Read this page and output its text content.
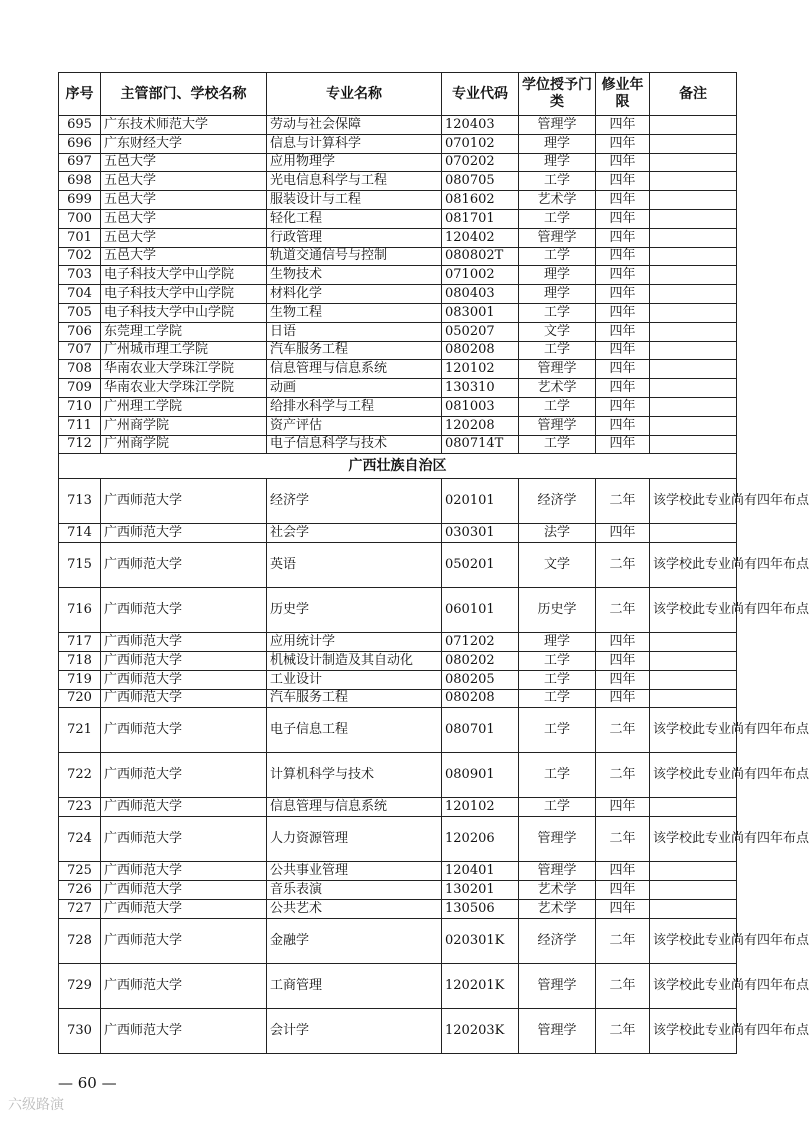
序号	主管部门、学校名称	专业名称	专业代码	学位授予门类	修业年限	备注
695	广东技术师范大学	劳动与社会保障	120403	管理学	四年	
696	广东财经大学	信息与计算科学	070102	理学	四年	
697	五邑大学	应用物理学	070202	理学	四年	
698	五邑大学	光电信息科学与工程	080705	工学	四年	
699	五邑大学	服装设计与工程	081602	艺术学	四年	
700	五邑大学	轻化工程	081701	工学	四年	
701	五邑大学	行政管理	120402	管理学	四年	
702	五邑大学	轨道交通信号与控制	080802T	工学	四年	
703	电子科技大学中山学院	生物技术	071002	理学	四年	
704	电子科技大学中山学院	材料化学	080403	理学	四年	
705	电子科技大学中山学院	生物工程	083001	工学	四年	
706	东莞理工学院	日语	050207	文学	四年	
707	广州城市理工学院	汽车服务工程	080208	工学	四年	
708	华南农业大学珠江学院	信息管理与信息系统	120102	管理学	四年	
709	华南农业大学珠江学院	动画	130310	艺术学	四年	
710	广州理工学院	给排水科学与工程	081003	工学	四年	
711	广州商学院	资产评估	120208	管理学	四年	
712	广州商学院	电子信息科学与技术	080714T	工学	四年	
广西壮族自治区						
713	广西师范大学	经济学	020101	经济学	二年	该学校此专业尚有四年布点
714	广西师范大学	社会学	030301	法学	四年	
715	广西师范大学	英语	050201	文学	二年	该学校此专业尚有四年布点
716	广西师范大学	历史学	060101	历史学	二年	该学校此专业尚有四年布点
717	广西师范大学	应用统计学	071202	理学	四年	
718	广西师范大学	机械设计制造及其自动化	080202	工学	四年	
719	广西师范大学	工业设计	080205	工学	四年	
720	广西师范大学	汽车服务工程	080208	工学	四年	
721	广西师范大学	电子信息工程	080701	工学	二年	该学校此专业尚有四年布点
722	广西师范大学	计算机科学与技术	080901	工学	二年	该学校此专业尚有四年布点
723	广西师范大学	信息管理与信息系统	120102	工学	四年	
724	广西师范大学	人力资源管理	120206	管理学	二年	该学校此专业尚有四年布点
725	广西师范大学	公共事业管理	120401	管理学	四年	
726	广西师范大学	音乐表演	130201	艺术学	四年	
727	广西师范大学	公共艺术	130506	艺术学	四年	
728	广西师范大学	金融学	020301K	经济学	二年	该学校此专业尚有四年布点
729	广西师范大学	工商管理	120201K	管理学	二年	该学校此专业尚有四年布点
730	广西师范大学	会计学	120203K	管理学	二年	该学校此专业尚有四年布点
— 60 —
六级路演
